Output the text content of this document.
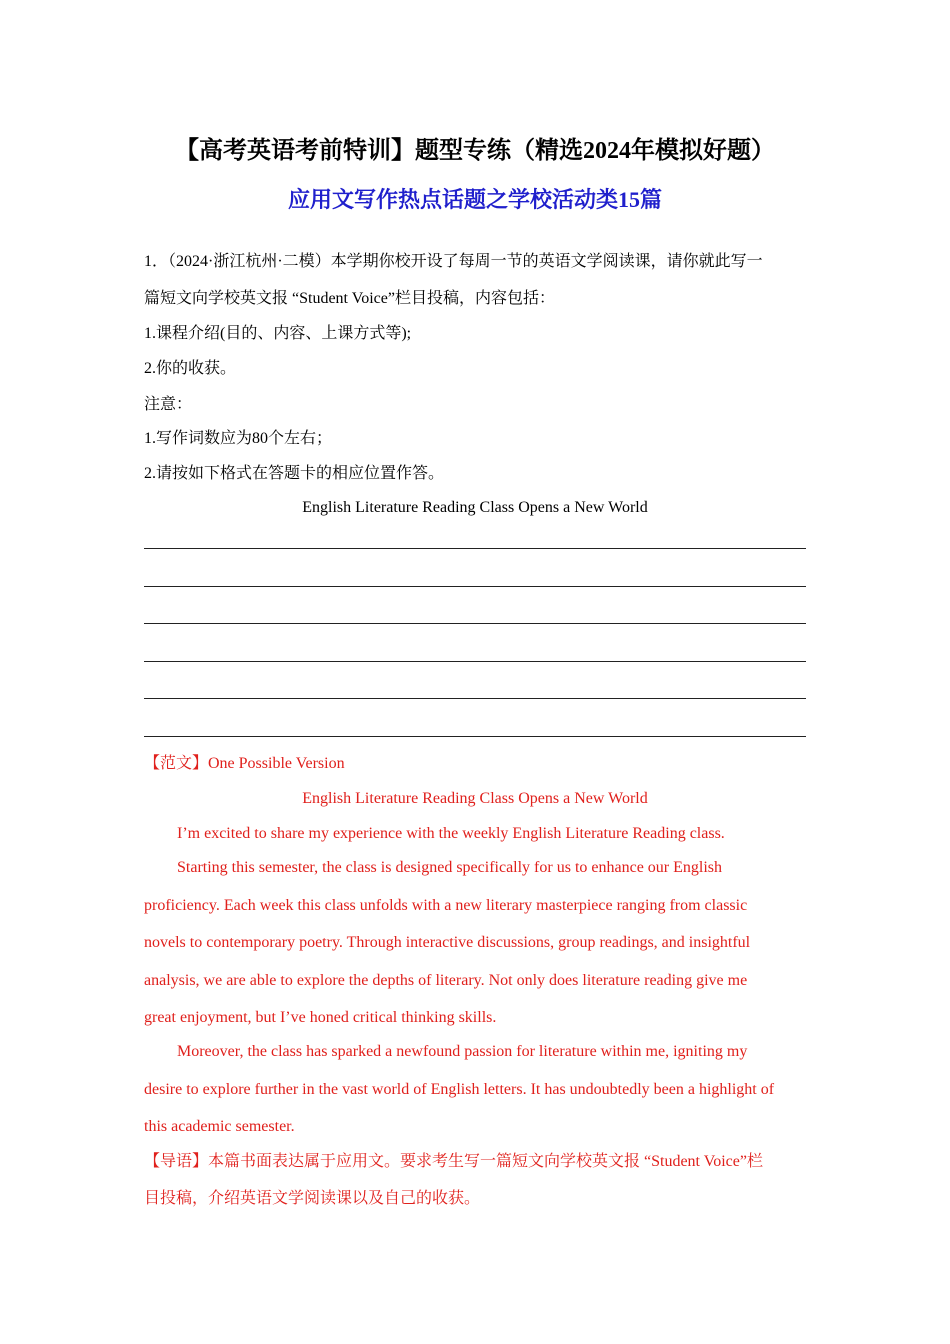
【高考英语考前特训】题型专练（精选2024年模拟好题）
应用文写作热点话题之学校活动类15篇
1．（2024·浙江杭州·二模）本学期你校开设了每周一节的英语文学阅读课，请你就此写一
篇短文向学校英文报 “Student Voice”栏目投稿，内容包括：
1.课程介绍(目的、内容、上课方式等);
2.你的收获。
注意：
1.写作词数应为80个左右；
2.请按如下格式在答题卡的相应位置作答。
English Literature Reading Class Opens a New World
【范文】One Possible Version
English Literature Reading Class Opens a New World
I’m excited to share my experience with the weekly English Literature Reading class.
Starting this semester, the class is designed specifically for us to enhance our English
proficiency. Each week this class unfolds with a new literary masterpiece ranging from classic
novels to contemporary poetry. Through interactive discussions, group readings, and insightful
analysis, we are able to explore the depths of literary. Not only does literature reading give me
great enjoyment, but I’ve honed critical thinking skills.
Moreover, the class has sparked a newfound passion for literature within me, igniting my
desire to explore further in the vast world of English letters. It has undoubtedly been a highlight of
this academic semester.
【导语】本篇书面表达属于应用文。要求考生写一篇短文向学校英文报 “Student Voice”栏
目投稿，介绍英语文学阅读课以及自己的收获。
